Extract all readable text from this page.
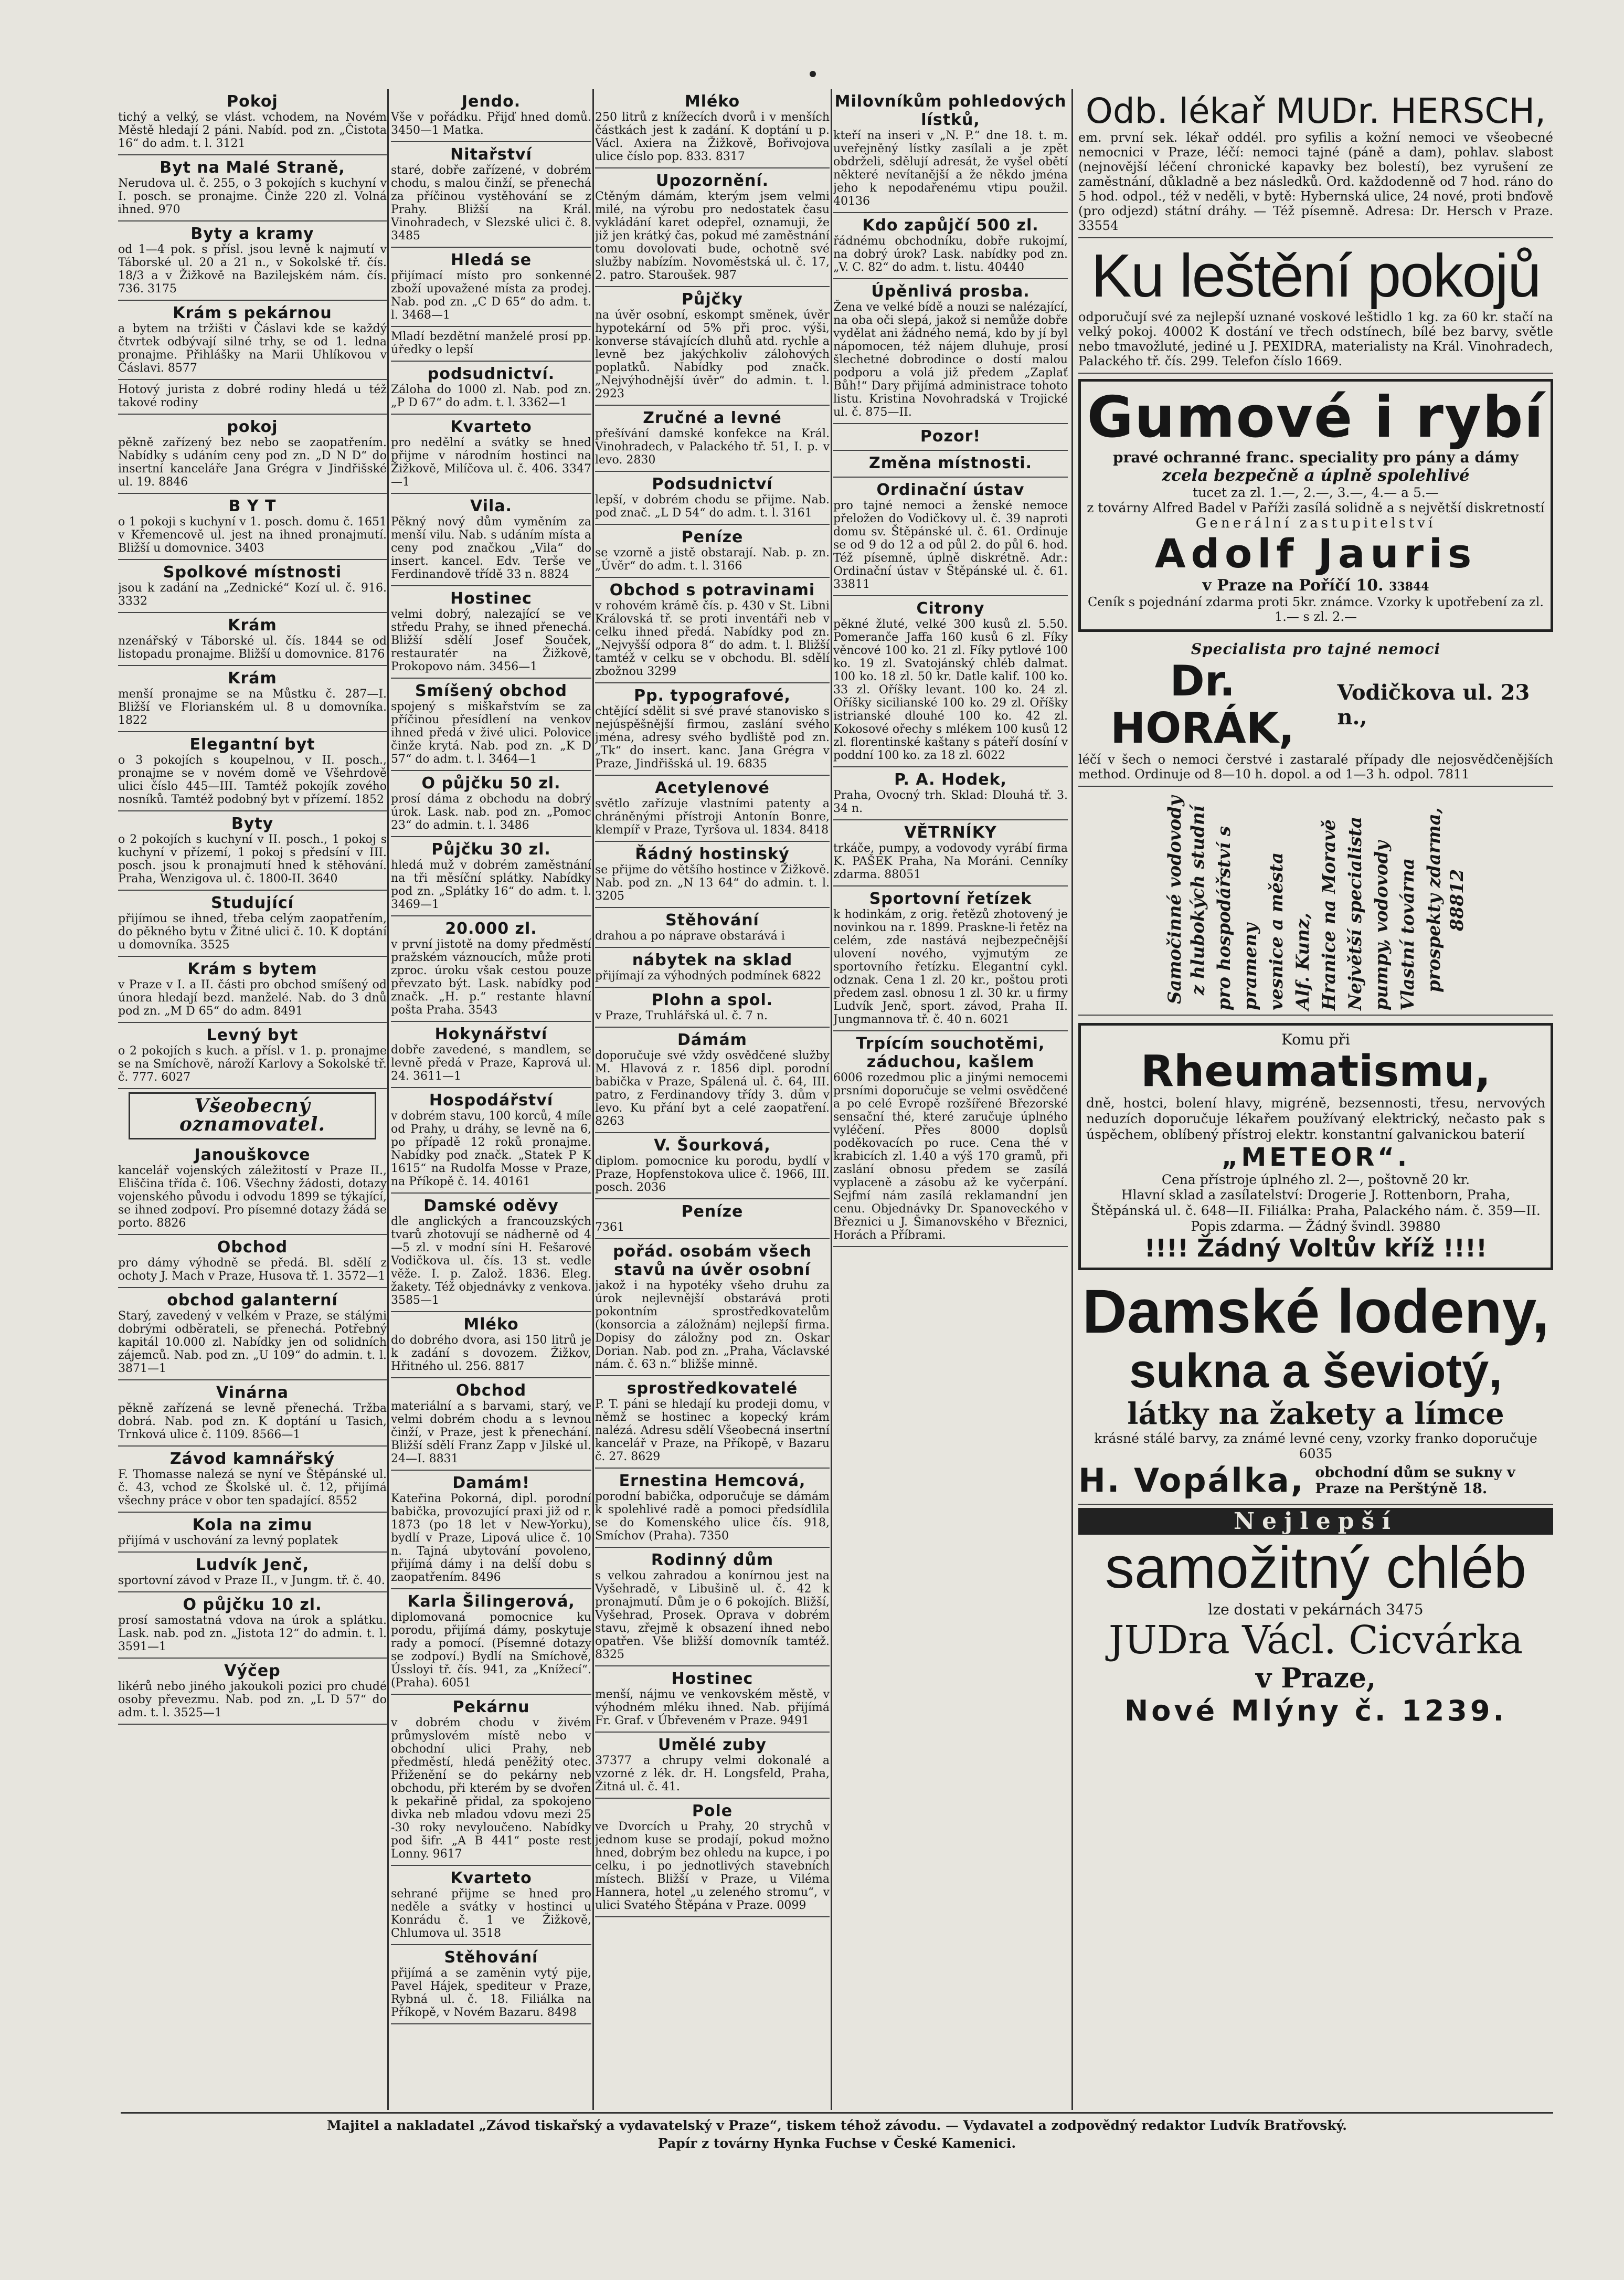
Pokoj

tichý a velký, se vlást. vchodem, na Novém Městě hledají 2 páni. Nabíd. pod zn. „Čistota 16“ do adm. t. l. 3121

Byt na Malé Straně,

Nerudova ul. č. 255, o 3 pokojích s kuchyní v I. posch. se pronajme. Činže 220 zl. Volná ihned. 970

Byty a kramy

od 1—4 pok. s přísl. jsou levně k najmutí v Táborské ul. 20 a 21 n., v Sokolské tř. čís. 18/3 a v Žižkově na Bazilejském nám. čís. 736. 3175

Krám s pekárnou

a bytem na tržišti v Čáslavi kde se každý čtvrtek odbývají silné trhy, se od 1. ledna pronajme. Přihlášky na Marii Uhlíkovou v Čáslavi. 8577

Hotový jurista z dobré rodiny hledá u též takové rodiny

pokoj

pěkně zařízený bez nebo se zaopatřením. Nabídky s udáním ceny pod zn. „D N D“ do insertní kanceláře Jana Grégra v Jindřišské ul. 19. 8846

B Y T

o 1 pokoji s kuchyní v 1. posch. domu č. 1651 v Křemencově ul. jest na ihned pronajmutí. Bližší u domovnice. 3403

Spolkové místnosti

jsou k zadání na „Zednické“ Kozí ul. č. 916. 3332

Krám

nzenářský v Táborské ul. čís. 1844 se od listopadu pronajme. Bližší u domovnice. 8176

Krám

menší pronajme se na Můstku č. 287—I. Bližší ve Florianském ul. 8 u domovníka. 1822

Elegantní byt

o 3 pokojích s koupelnou, v II. posch., pronajme se v novém domě ve Všehrdově ulici číslo 445—III. Tamtéž pokojík zového nosníků. Tamtéž podobný byt v přízemí. 1852

Byty

o 2 pokojích s kuchyní v II. posch., 1 pokoj s kuchyní v přízemí, 1 pokoj s předsíní v III. posch. jsou k pronajmutí hned k stěhování. Praha, Wenzigova ul. č. 1800-II. 3640

Studující

přijímou se ihned, třeba celým zaopatřením, do pěkného bytu v Žitné ulici č. 10. K doptání u domovníka. 3525

Krám s bytem

v Praze v I. a II. části pro obchod smíšený od února hledají bezd. manželé. Nab. do 3 dnů pod zn. „M D 65“ do adm. 8491

Levný byt

o 2 pokojích s kuch. a přísl. v 1. p. pronajme se na Smíchově, nároží Karlovy a Sokolské tř. č. 777. 6027

Všeobecný oznamovatel.
Janouškovce

kancelář vojenských záležitostí v Praze II., Eliščina třída č. 106. Všechny žádosti, dotazy vojenského původu i odvodu 1899 se týkající, se ihned zodpoví. Pro písemné dotazy žádá se porto. 8826

Obchod

pro dámy výhodně se předá. Bl. sdělí z ochoty J. Mach v Praze, Husova tř. 1. 3572—1

obchod galanterní

Starý, zavedený v velkém v Praze, se stálými dobrými odběrateli, se přenechá. Potřebný kapitál 10.000 zl. Nabídky jen od solidních zájemců. Nab. pod zn. „U 109“ do admin. t. l. 3871—1

Vinárna

pěkně zařízená se levně přenechá. Tržba dobrá. Nab. pod zn. K doptání u Tasich, Trnková ulice č. 1109. 8566—1

Závod kamnářský

F. Thomasse nalezá se nyní ve Štěpánské ul. č. 43, vchod ze Školské ul. č. 12, přijímá všechny práce v obor ten spadající. 8552

Kola na zimu

přijímá v uschování za levný poplatek

Ludvík Jenč,

sportovní závod v Praze II., v Jungm. tř. č. 40.

O půjčku 10 zl.

prosí samostatná vdova na úrok a splátku. Lask. nab. pod zn. „Jistota 12“ do admin. t. l. 3591—1

Výčep

likérů nebo jiného jakoukoli pozici pro chudé osoby převezmu. Nab. pod zn. „L D 57“ do adm. t. l. 3525—1

Jendo.

Vše v pořádku. Přijď hned domů. 3450—1 Matka.

Nitařství

staré, dobře zařízené, v dobrém chodu, s malou činží, se přenechá za příčinou vystěhování se z Prahy. Bližší na Král. Vinohradech, v Slezské ulici č. 8. 3485

Hledá se

přijímací místo pro sonkenné zboží upovažené místa za prodej. Nab. pod zn. „C D 65“ do adm. t. l. 3468—1

Mladí bezdětní manželé prosí pp. úředky o lepší

podsudnictví.

Záloha do 1000 zl. Nab. pod zn. „P D 67“ do adm. t. l. 3362—1

Kvarteto

pro nedělní a svátky se hned přijme v národním hostinci na Žižkově, Milíčova ul. č. 406. 3347—1

Vila.

Pěkný nový dům vyměním za menší vilu. Nab. s udáním místa a ceny pod značkou „Vila“ do insert. kancel. Edv. Terše ve Ferdinandově třídě 33 n. 8824

Hostinec

velmi dobrý, nalezající se ve středu Prahy, se ihned přenechá. Bližší sdělí Josef Souček, restauratér na Žižkově, Prokopovo nám. 3456—1

Smíšený obchod

spojený s miškařstvím se za příčinou přesídlení na venkov ihned předá v živé ulici. Polovice činže krytá. Nab. pod zn. „K D 57“ do adm. t. l. 3464—1

O půjčku 50 zl.

prosí dáma z obchodu na dobrý úrok. Lask. nab. pod zn. „Pomoc 23“ do admin. t. l. 3486

Půjčku 30 zl.

hledá muž v dobrém zaměstnání na tři měsíční splátky. Nabídky pod zn. „Splátky 16“ do adm. t. l. 3469—1

20.000 zl.

v první jistotě na domy předměstí pražském váznoucích, může proti zproc. úroku však cestou pouze převzato být. Lask. nabídky pod značk. „H. p.“ restante hlavní pošta Praha. 3543

Hokynářství

dobře zavedené, s mandlem, se levně předá v Praze, Kaprová ul. 24. 3611—1

Hospodářství

v dobrém stavu, 100 korců, 4 míle od Prahy, u dráhy, se levně na 6, po případě 12 roků pronajme. Nabídky pod značk. „Statek P K 1615“ na Rudolfa Mosse v Praze, na Příkopě č. 14. 40161

Damské oděvy

dle anglických a francouzských tvarů zhotovují se nádherně od 4—5 zl. v modní síni H. Fešarové Vodičkova ul. čís. 13 st. vedle věže. I. p. Založ. 1836. Eleg. žakety. Též objednávky z venkova. 3585—1

Mléko

do dobrého dvora, asi 150 litrů je k zadání s dovozem. Žižkov, Hřitného ul. 256. 8817

Obchod

materiální a s barvami, starý, ve velmi dobrém chodu a s levnou činží, v Praze, jest k přenechání. Bližší sdělí Franz Zapp v Jilské ul. 24—I. 8831

Damám!

Kateřina Pokorná, dipl. porodní babička, provozující praxi již od r. 1873 (po 18 let v New-Yorku), bydlí v Praze, Lipová ulice č. 10 n. Tajná ubytování povoleno, přijímá dámy i na delší dobu s zaopatřením. 8496

Karla Šilingerová,

diplomovaná pomocnice ku porodu, přijímá dámy, poskytuje rady a pomocí. (Písemné dotazy se zodpoví.) Bydlí na Smíchově, Ússloyi tř. čís. 941, za „Knížecí“. (Praha). 6051

Pekárnu

v dobrém chodu v živém průmyslovém místě nebo v obchodní ulici Prahy, neb předměstí, hledá peněžitý otec. Přiženění se do pekárny neb obchodu, při kterém by se dvořen k pekařině přidal, za spokojeno divka neb mladou vdovu mezi 25 -30 roky nevyloučeno. Nabídky pod šifr. „A B 441“ poste rest Lonny. 9617

Kvarteto

sehrané přijme se hned pro neděle a svátky v hostinci u Konrádu č. 1 ve Žižkově, Chlumova ul. 3518

Stěhování

přijímá a se zaměnin vytý pije, Pavel Hájek, spediteur v Praze, Rybná ul. č. 18. Filiálka na Příkopě, v Novém Bazaru. 8498

Mléko

250 litrů z knížecích dvorů i v menších částkách jest k zadání. K doptání u p. Václ. Axiera na Žižkově, Bořivojova ulice číslo pop. 833. 8317

Upozornění.

Ctěným dámám, kterým jsem velmi milé, na výrobu pro nedostatek času vykládání karet odepřel, oznamuji, že již jen krátký čas, pokud mé zaměstnání tomu dovolovati bude, ochotně své služby nabízím. Novoměstská ul. č. 17, 2. patro. Staroušek. 987

Půjčky

na úvěr osobní, eskompt směnek, úvěr hypotekární od 5% při proc. výši, konverse stávajících dluhů atd. rychle a levně bez jakýchkoliv zálohových poplatků. Nabídky pod značk. „Nejvýhodnější úvěr“ do admin. t. l. 2923

Zručné a levné

přešívání damské konfekce na Král. Vinohradech, v Palackého tř. 51, I. p. v levo. 2830

Podsudnictví

lepší, v dobrém chodu se přijme. Nab. pod znač. „L D 54“ do adm. t. l. 3161

Peníze

se vzorně a jistě obstarají. Nab. p. zn. „Úvěr“ do adm. t. l. 3166

Obchod s potravinami

v rohovém krámě čís. p. 430 v St. Libni Královská tř. se proti inventáři neb v celku ihned předá. Nabídky pod zn. „Nejvyšší odpora 8“ do adm. t. l. Bližší tamtéž v celku se v obchodu. Bl. sdělí zbožnou 3299

Pp. typografové,

chtějící sdělit si své pravé stanovisko s nejúspěšnější firmou, zaslání svého jména, adresy svého bydliště pod zn. „Tk“ do insert. kanc. Jana Grégra v Praze, Jindřišská ul. 19. 6835

Acetylenové

světlo zařízuje vlastními patenty a chráněnými přístroji Antonín Bonre, klempíř v Praze, Tyršova ul. 1834. 8418

Řádný hostinský

se přijme do většího hostince v Žižkově. Nab. pod zn. „N 13 64“ do admin. t. l. 3205

Stěhování

drahou a po náprave obstarává i

nábytek na sklad

přijímají za výhodných podmínek 6822

Plohn a spol.

v Praze, Truhlářská ul. č. 7 n.

Dámám

doporučuje své vždy osvědčené služby M. Hlavová z r. 1856 dipl. porodní babička v Praze, Spálená ul. č. 64, III. patro, z Ferdinandovy třídy 3. dům v levo. Ku přání byt a celé zaopatření. 8263

V. Šourková,

diplom. pomocnice ku porodu, bydlí v Praze, Hopfenstokova ulice č. 1966, III. posch. 2036

Peníze

7361

pořád. osobám všech stavů na úvěr osobní

jakož i na hypotéky všeho druhu za úrok nejlevnější obstarává proti pokontním sprostředkovatelům (konsorcia a záložnám) nejlepší firma. Dopisy do záložny pod zn. Oskar Dorian. Nab. pod zn. „Praha, Václavské nám. č. 63 n.“ bližše minně.

sprostředkovatelé

P. T. páni se hledají ku prodeji domu, v němž se hostinec a kopecký krám nalézá. Adresu sdělí Všeobecná insertní kancelář v Praze, na Příkopě, v Bazaru č. 27. 8629

Ernestina Hemcová,

porodní babička, odporučuje se dámám k spolehlivé radě a pomoci předsídlila se do Komenského ulice čís. 918, Smíchov (Praha). 7350

Rodinný dům

s velkou zahradou a konírnou jest na Vyšehradě, v Libušině ul. č. 42 k pronajmutí. Dům je o 6 pokojích. Bližší, Vyšehrad, Prosek. Oprava v dobrém stavu, zřejmě k obsazení ihned nebo opatřen. Vše bližší domovník tamtéž. 8325

Hostinec

menší, nájmu ve venkovském městě, v výhodném mléku ihned. Nab. přijímá Fr. Graf. v Úbřeveném v Praze. 9491

Umělé zuby

37377 a chrupy velmi dokonalé a vzorné z lék. dr. H. Longsfeld, Praha, Žitná ul. č. 41.

Pole

ve Dvorcích u Prahy, 20 strychů v jednom kuse se prodají, pokud možno hned, dobrým bez ohledu na kupce, i po celku, i po jednotlivých stavebních místech. Bližší v Praze, u Viléma Hannera, hotel „u zeleného stromu“, v ulici Svatého Štěpána v Praze. 0099

Milovníkům pohledových lístků,

kteří na inseri v „N. P.“ dne 18. t. m. uveřejněný lístky zasílali a je zpět obdrželi, sdělují adresát, že vyšel obětí některé nevítanější a že někdo jména jeho k nepodařenému vtipu použil. 40136

Kdo zapůjčí 500 zl.

řádnému obchodníku, dobře rukojmí, na dobrý úrok? Lask. nabídky pod zn. „V. C. 82“ do adm. t. listu. 40440

Úpěnlivá prosba.

Žena ve velké bídě a nouzi se nalézající, na oba oči slepá, jakož si nemůže dobře vydělat ani žádného nemá, kdo by jí byl nápomocen, též nájem dluhuje, prosí šlechetné dobrodince o dostí malou podporu a volá již předem „Zaplať Bůh!“ Dary přijímá administrace tohoto listu. Kristina Novohradská v Trojické ul. č. 875—II.

Pozor!
Změna místnosti.
Ordinační ústav

pro tajné nemoci a ženské nemoce přeložen do Vodičkovy ul. č. 39 naproti domu sv. Štěpánské ul. č. 61. Ordinuje se od 9 do 12 a od půl 2. do půl 6. hod. Též písemně, úplně diskrétně. Adr.: Ordinační ústav v Štěpánské ul. č. 61. 33811

Citrony

pěkné žluté, velké 300 kusů zl. 5.50. Pomeranče Jaffa 160 kusů 6 zl. Fíky věncové 100 ko. 21 zl. Fíky pytlové 100 ko. 19 zl. Svatojánský chléb dalmat. 100 ko. 18 zl. 50 kr. Datle kalif. 100 ko. 33 zl. Oříšky levant. 100 ko. 24 zl. Oříšky sicilianské 100 ko. 29 zl. Oříšky istrianské dlouhé 100 ko. 42 zl. Kokosové ořechy s mlékem 100 kusů 12 zl. florentinské kaštany s páteří dosíní v poddní 100 ko. za 18 zl. 6022

P. A. Hodek,

Praha, Ovocný trh. Sklad: Dlouhá tř. 3. 34 n.

VĚTRNÍKY

trkáče, pumpy, a vodovody vyrábí firma K. PAŠEK Praha, Na Moráni. Cenníky zdarma. 88051

Sportovní řetízek

k hodinkám, z orig. řetězů zhotovený je novinkou na r. 1899. Praskne-li řetěz na celém, zde nastává nejbezpečnější ulovení nového, vyjmutým ze sportovního řetízku. Elegantní cykl. odznak. Cena 1 zl. 20 kr., poštou proti předem zasl. obnosu 1 zl. 30 kr. u firmy Ludvík Jenč, sport. závod, Praha II. Jungmannova tř. č. 40 n. 6021

Trpícím souchotěmi, záduchou, kašlem

6006 rozedmou plic a jinými nemocemi prsními doporučuje se velmi osvědčené a po celé Evropě rozšířené Březorské sensační thé, které zaručuje úplného vyléčení. Přes 8000 doplsů poděkovacích po ruce. Cena thé v krabicích zl. 1.40 a výš 170 gramů, při zaslání obnosu předem se zasílá vyplaceně a zásobu až ke vyčerpání. Sejfmí nám zasílá reklamandní jen cenu. Objednávky Dr. Spanoveckého v Březnici u J. Šimanovského v Březnici, Horách a Příbrami.

Odb. lékař MUDr. HERSCH,

em. první sek. lékař oddél. pro syfilis a kožní nemoci ve všeobecné nemocnici v Praze, léčí: nemoci tajné (páně a dam), pohlav. slabost (nejnovější léčení chronické kapavky bez bolestí), bez vyrušení ze zaměstnání, důkladně a bez následků. Ord. každodenně od 7 hod. ráno do 5 hod. odpol., též v neděli, v bytě: Hybernská ulice, 24 nové, proti bnďově (pro odjezd) státní dráhy. — Též písemně. Adresa: Dr. Hersch v Praze. 33554

Ku leštění pokojů

odporučují své za nejlepší uznané voskové leštidlo 1 kg. za 60 kr. stačí na velký pokoj. 40002 K dostání ve třech odstínech, bílé bez barvy, světle nebo tmavožluté, jediné u J. PEXIDRA, materialisty na Král. Vinohradech, Palackého tř. čís. 299. Telefon číslo 1669.

Gumové i rybí
pravé ochranné franc. speciality pro pány a dámy
zcela bezpečně a úplně spolehlivé
tucet za zl. 1.—, 2.—, 3.—, 4.— a 5.—
z továrny Alfred Badel v Paříži zasílá solidně a s největší diskretností
Generální zastupitelství
Adolf Jauris
v Praze na Poříčí 10. 33844
Ceník s pojednání zdarma proti 5kr. známce. Vzorky k upotřebení za zl. 1.— s zl. 2.—
Specialista pro tajné nemoci
Dr. HORÁK,
Vodičkova ul. 23 n.,

léčí v šech o nemoci čerstvé i zastaralé případy dle nejosvědčenějších method. Ordinuje od 8—10 h. dopol. a od 1—3 h. odpol. 7811

Samočinné vodovody z hlubokých studní pro hospodářství s prameny vesnice a města Alf. Kunz, Hranice na Moravě Největší specialista pumpy, vodovody Vlastní továrna prospekty zdarma, 88812
Komu při
Rheumatismu,

dně, hostci, bolení hlavy, migréně, bezsennosti, třesu, nervových neduzích doporučuje lékařem používaný elektrický, nečasto pak s úspěchem, oblíbený přístroj elektr. konstantní galvanickou baterií

„METEOR“.
Cena přístroje úplného zl. 2—, poštovně 20 kr.

Hlavní sklad a zasílatelství: Drogerie J. Rottenborn, Praha, Štěpánská ul. č. 648—II. Filiálka: Praha, Palackého nám. č. 359—II.

Popis zdarma. — Žádný švindl. 39880
!!!! Žádný Voltův kříž !!!!
Damské lodeny,
sukna a ševiotý,
látky na žakety a límce
krásné stálé barvy, za známé levné ceny, vzorky franko doporučuje 6035
H. Vopálka, obchodní dům se sukny v Praze na Perštýně 18.
Nejlepší
samožitný chléb
lze dostati v pekárnách 3475
JUDra Václ. Cicvárka
v Praze,
Nové Mlýny č. 1239.
Majitel a nakladatel „Závod tiskařský a vydavatelský v Praze“, tiskem téhož závodu. — Vydavatel a zodpovědný redaktor Ludvík Bratřovský.
Papír z továrny Hynka Fuchse v České Kamenici.
